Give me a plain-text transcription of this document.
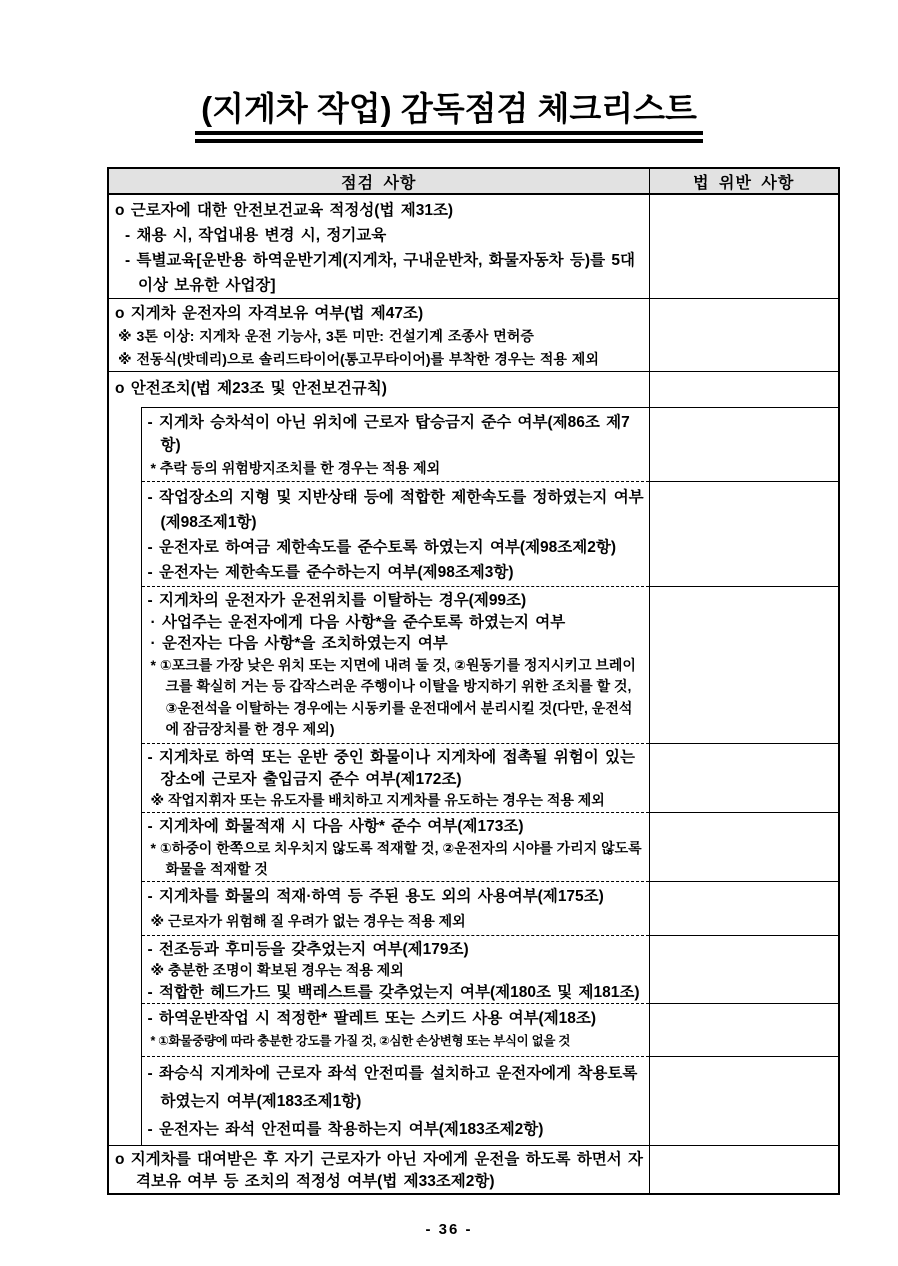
(지게차 작업) 감독점검 체크리스트
점검 사항		법 위반 사항

o 근로자에 대한 안전보건교육 적정성(법 제31조)
- 채용 시, 작업내용 변경 시, 정기교육
- 특별교육[운반용 하역운반기계(지게차, 구내운반차, 화물자동차 등)를 5대 이상 보유한 사업장]		

o 지게차 운전자의 자격보유 여부(법 제47조)
※ 3톤 이상: 지게차 운전 기능사, 3톤 미만: 건설기계 조종사 면허증
※ 전동식(밧데리)으로 솔리드타이어(통고무타이어)를 부착한 경우는 적용 제외		

o 안전조치(법 제23조 및 안전보건규칙)		

	- 지게차 승차석이 아닌 위치에 근로자 탑승금지 준수 여부(제86조 제7항)
* 추락 등의 위험방지조치를 한 경우는 적용 제외	

	- 작업장소의 지형 및 지반상태 등에 적합한 제한속도를 정하였는지 여부(제98조제1항)
- 운전자로 하여금 제한속도를 준수토록 하였는지 여부(제98조제2항)
- 운전자는 제한속도를 준수하는지 여부(제98조제3항)	

	- 지게차의 운전자가 운전위치를 이탈하는 경우(제99조)
· 사업주는 운전자에게 다음 사항*을 준수토록 하였는지 여부
· 운전자는 다음 사항*을 조치하였는지 여부
* ①포크를 가장 낮은 위치 또는 지면에 내려 둘 것, ②원동기를 정지시키고 브레이크를 확실히 거는 등 갑작스러운 주행이나 이탈을 방지하기 위한 조치를 할 것, ③운전석을 이탈하는 경우에는 시동키를 운전대에서 분리시킬 것(다만, 운전석에 잠금장치를 한 경우 제외)	

	- 지게차로 하역 또는 운반 중인 화물이나 지게차에 접촉될 위험이 있는 장소에 근로자 출입금지 준수 여부(제172조)
※ 작업지휘자 또는 유도자를 배치하고 지게차를 유도하는 경우는 적용 제외	

	- 지게차에 화물적재 시 다음 사항* 준수 여부(제173조)
* ①하중이 한쪽으로 치우치지 않도록 적재할 것, ②운전자의 시야를 가리지 않도록 화물을 적재할 것	

	- 지게차를 화물의 적재·하역 등 주된 용도 외의 사용여부(제175조)
※ 근로자가 위험해 질 우려가 없는 경우는 적용 제외	

	- 전조등과 후미등을 갖추었는지 여부(제179조)
※ 충분한 조명이 확보된 경우는 적용 제외
- 적합한 헤드가드 및 백레스트를 갖추었는지 여부(제180조 및 제181조)	

	- 하역운반작업 시 적정한* 팔레트 또는 스키드 사용 여부(제18조)
* ①화물중량에 따라 충분한 강도를 가질 것, ②심한 손상변형 또는 부식이 없을 것	

	- 좌승식 지게차에 근로자 좌석 안전띠를 설치하고 운전자에게 착용토록 하였는지 여부(제183조제1항)
- 운전자는 좌석 안전띠를 착용하는지 여부(제183조제2항)	

o 지게차를 대여받은 후 자기 근로자가 아닌 자에게 운전을 하도록 하면서 자격보유 여부 등 조치의 적정성 여부(법 제33조제2항)		

- 36 -
